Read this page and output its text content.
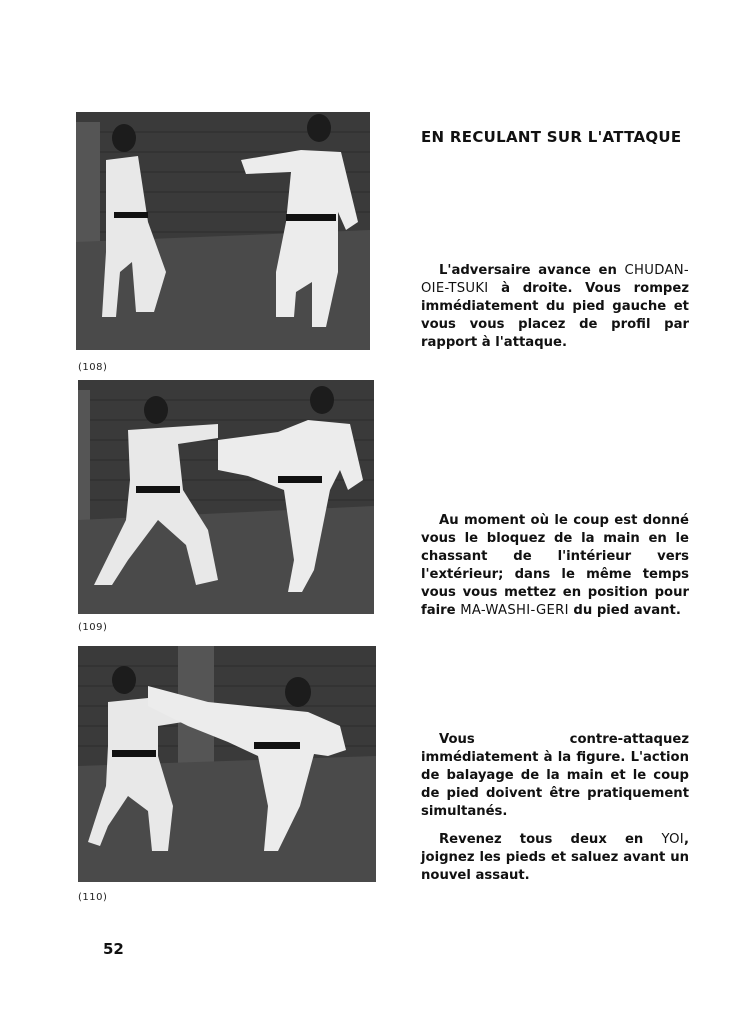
(108)
(109)
(110)
EN RECULANT SUR L'ATTAQUE

L'adversaire avance en CHUDAN-OIE-TSUKI à droite. Vous rompez immédiatement du pied gauche et vous vous placez de profil par rapport à l'attaque.

Au moment où le coup est donné vous le bloquez de la main en le chassant de l'intérieur vers l'extérieur; dans le même temps vous vous mettez en position pour faire MA-WASHI-GERI du pied avant.

Vous contre-attaquez immédiatement à la figure. L'action de balayage de la main et le coup de pied doivent être pratiquement simultanés.

Revenez tous deux en YOI, joignez les pieds et saluez avant un nouvel assaut.

52
